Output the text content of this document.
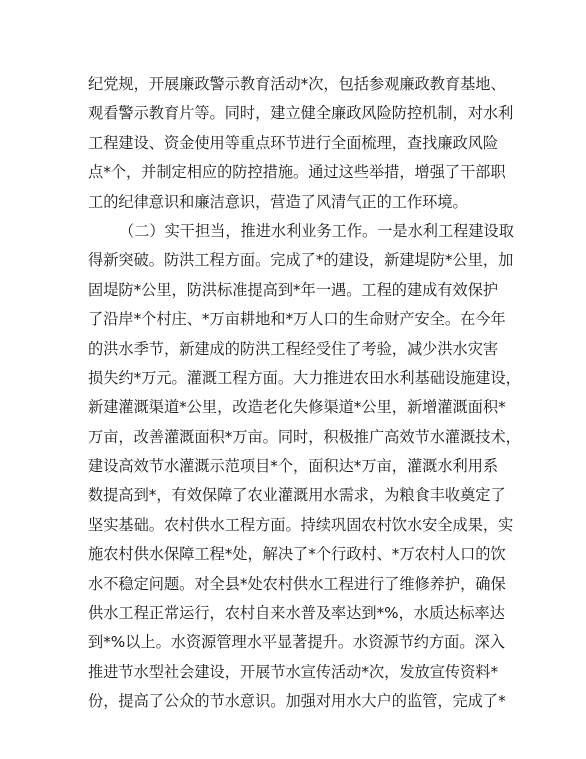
纪党规，开展廉政警示教育活动*次，包括参观廉政教育基地、
观看警示教育片等。同时，建立健全廉政风险防控机制，对水利
工程建设、资金使用等重点环节进行全面梳理，查找廉政风险
点*个，并制定相应的防控措施。通过这些举措，增强了干部职
工的纪律意识和廉洁意识，营造了风清气正的工作环境。
（二）实干担当，推进水利业务工作。一是水利工程建设取
得新突破。防洪工程方面。完成了*的建设，新建堤防*公里，加
固堤防*公里，防洪标准提高到*年一遇。工程的建成有效保护
了沿岸*个村庄、*万亩耕地和*万人口的生命财产安全。在今年
的洪水季节，新建成的防洪工程经受住了考验，减少洪水灾害
损失约*万元。灌溉工程方面。大力推进农田水利基础设施建设，
新建灌溉渠道*公里，改造老化失修渠道*公里，新增灌溉面积*
万亩，改善灌溉面积*万亩。同时，积极推广高效节水灌溉技术，
建设高效节水灌溉示范项目*个，面积达*万亩，灌溉水利用系
数提高到*，有效保障了农业灌溉用水需求，为粮食丰收奠定了
坚实基础。农村供水工程方面。持续巩固农村饮水安全成果，实
施农村供水保障工程*处，解决了*个行政村、*万农村人口的饮
水不稳定问题。对全县*处农村供水工程进行了维修养护，确保
供水工程正常运行，农村自来水普及率达到*%，水质达标率达
到*%以上。水资源管理水平显著提升。水资源节约方面。深入
推进节水型社会建设，开展节水宣传活动*次，发放宣传资料*
份，提高了公众的节水意识。加强对用水大户的监管，完成了*
